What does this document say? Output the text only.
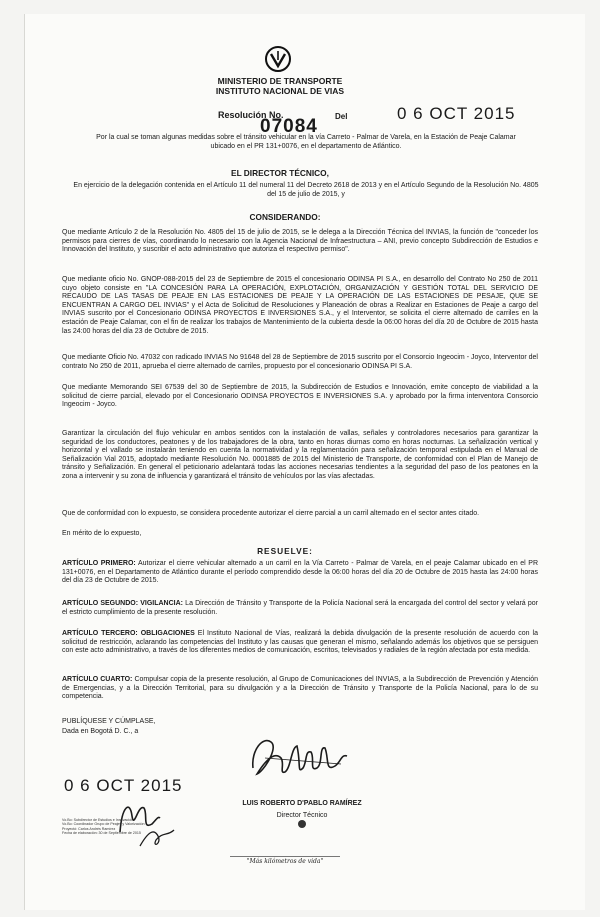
MINISTERIO DE TRANSPORTE
INSTITUTO NACIONAL DE VIAS
Resolución No.
07084 Del	0 6 OCT 2015
Por la cual se toman algunas medidas sobre el tránsito vehicular en la vía Carreto - Palmar de Varela, en la Estación de Peaje Calamar ubicado en el PR 131+0076, en el departamento de Atlántico.
EL DIRECTOR TÉCNICO,
En ejercicio de la delegación contenida en el Artículo 11 del numeral 11 del Decreto 2618 de 2013 y en el Artículo Segundo de la Resolución No. 4805 del 15 de julio de 2015, y
CONSIDERANDO:
Que mediante Artículo 2 de la Resolución No. 4805 del 15 de julio de 2015, se le delega a la Dirección Técnica del INVIAS, la función de "conceder los permisos para cierres de vías, coordinando lo necesario con la Agencia Nacional de Infraestructura – ANI, previo concepto Subdirección de Estudios e Innovación del Instituto, y suscribir el acto administrativo que autoriza el respectivo permiso".
Que mediante oficio No. GNOP-088-2015 del 23 de Septiembre de 2015 el concesionario ODINSA PI S.A., en desarrollo del Contrato No 250 de 2011 cuyo objeto consiste en "LA CONCESIÓN PARA LA OPERACIÓN, EXPLOTACIÓN, ORGANIZACIÓN Y GESTIÓN TOTAL DEL SERVICIO DE RECAUDO DE LAS TASAS DE PEAJE EN LAS ESTACIONES DE PEAJE Y LA OPERACIÓN DE LAS ESTACIONES DE PESAJE, QUE SE ENCUENTRAN A CARGO DEL INVIAS" y el Acta de Solicitud de Resoluciones y Planeación de obras a Realizar en Estaciones de Peaje a cargo del INVIAS suscrito por el Concesionario ODINSA PROYECTOS E INVERSIONES S.A., y el Interventor, se solicita el cierre alternado de carriles en la estación de Peaje Calamar, con el fin de realizar los trabajos de Mantenimiento de la cubierta desde la 06:00 horas del día 20 de Octubre de 2015 hasta las 24:00 horas del día 23 de Octubre de 2015.
Que mediante Oficio No. 47032 con radicado INVIAS No 91648 del 28 de Septiembre de 2015 suscrito por el Consorcio Ingeocim - Joyco, Interventor del contrato No 250 de 2011, aprueba el cierre alternado de carriles, propuesto por el concesionario ODINSA PI S.A.
Que mediante Memorando SEI 67539 del 30 de Septiembre de 2015, la Subdirección de Estudios e Innovación, emite concepto de viabilidad a la solicitud de cierre parcial, elevado por el Concesionario ODINSA PROYECTOS E INVERSIONES S.A. y aprobado por la firma interventora Consorcio Ingeocim - Joyco.
Garantizar la circulación del flujo vehicular en ambos sentidos con la instalación de vallas, señales y controladores necesarios para garantizar la seguridad de los conductores, peatones y de los trabajadores de la obra, tanto en horas diurnas como en horas nocturnas. La señalización vertical y horizontal y el vallado se instalarán teniendo en cuenta la normatividad y la reglamentación para señalización temporal estipulada en el Manual de Señalización Vial 2015, adoptado mediante Resolución No. 0001885 de 2015 del Ministerio de Transporte, de conformidad con el Plan de Manejo de tránsito y Señalización. En general el peticionario adelantará todas las acciones necesarias tendientes a la seguridad del paso de los peatones en la zona a intervenir y su zona de influencia y garantizará el tránsito de vehículos por las vías afectadas.
Que de conformidad con lo expuesto, se considera procedente autorizar el cierre parcial a un carril alternado en el sector antes citado.
En mérito de lo expuesto,
RESUELVE:
ARTÍCULO PRIMERO: Autorizar el cierre vehicular alternado a un carril en la Vía Carreto - Palmar de Varela, en el peaje Calamar ubicado en el PR 131+0076, en el Departamento de Atlántico durante el período comprendido desde la 06:00 horas del día 20 de Octubre de 2015 hasta las 24:00 horas del día 23 de Octubre de 2015.
ARTÍCULO SEGUNDO: VIGILANCIA: La Dirección de Tránsito y Transporte de la Policía Nacional será la encargada del control del sector y velará por el estricto cumplimiento de la presente resolución.
ARTÍCULO TERCERO: OBLIGACIONES El Instituto Nacional de Vías, realizará la debida divulgación de la presente resolución de acuerdo con la solicitud de restricción, aclarando las competencias del Instituto y las causas que generan el mismo, señalando además los objetivos que se persiguen con este acto administrativo, a través de los diferentes medios de comunicación, escritos, televisados y radiales de la región afectada por esta medida.
ARTÍCULO CUARTO: Compulsar copia de la presente resolución, al Grupo de Comunicaciones del INVIAS, a la Subdirección de Prevención y Atención de Emergencias, y a la Dirección Territorial, para su divulgación y a la Dirección de Tránsito y Transporte de la Policía Nacional, para lo de su competencia.
PUBLÍQUESE Y CÚMPLASE,
Dada en Bogotá D. C., a
0 6 OCT 2015
LUIS ROBERTO D'PABLO RAMÍREZ
Director Técnico
Vo.Bo: Subdirector de Estudios e Innovación
Vo.Bo: Coordinador Grupo de Peajes y Valorización
Proyectó: Carlos Andrés Ramírez
Fecha de elaboración: 30 de Septiembre de 2015
"Más kilómetros de vida"
